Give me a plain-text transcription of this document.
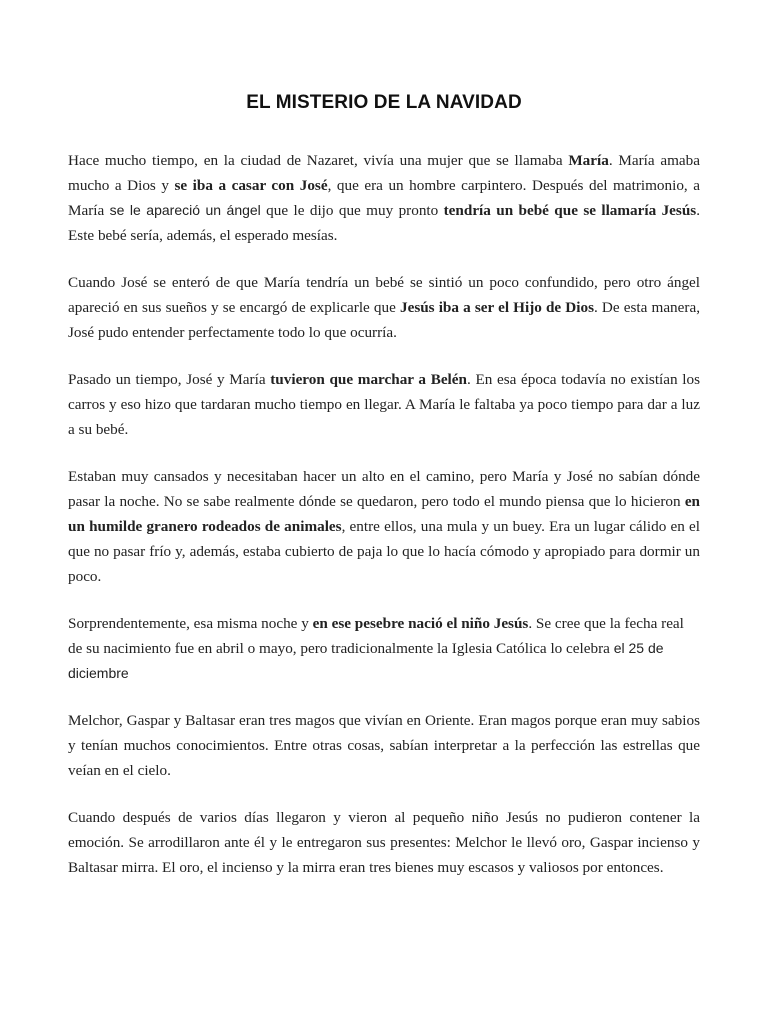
EL MISTERIO DE LA NAVIDAD

Hace mucho tiempo, en la ciudad de Nazaret, vivía una mujer que se llamaba María. María amaba mucho a Dios y se iba a casar con José, que era un hombre carpintero. Después del matrimonio, a María se le apareció un ángel que le dijo que muy pronto tendría un bebé que se llamaría Jesús. Este bebé sería, además, el esperado mesías.

Cuando José se enteró de que María tendría un bebé se sintió un poco confundido, pero otro ángel apareció en sus sueños y se encargó de explicarle que Jesús iba a ser el Hijo de Dios. De esta manera, José pudo entender perfectamente todo lo que ocurría.

Pasado un tiempo, José y María tuvieron que marchar a Belén. En esa época todavía no existían los carros y eso hizo que tardaran mucho tiempo en llegar. A María le faltaba ya poco tiempo para dar a luz a su bebé.

Estaban muy cansados y necesitaban hacer un alto en el camino, pero María y José no sabían dónde pasar la noche. No se sabe realmente dónde se quedaron, pero todo el mundo piensa que lo hicieron en un humilde granero rodeados de animales, entre ellos, una mula y un buey. Era un lugar cálido en el que no pasar frío y, además, estaba cubierto de paja lo que lo hacía cómodo y apropiado para dormir un poco.

Sorprendentemente, esa misma noche y en ese pesebre nació el niño Jesús. Se cree que la fecha real de su nacimiento fue en abril o mayo, pero tradicionalmente la Iglesia Católica lo celebra el 25 de diciembre

Melchor, Gaspar y Baltasar eran tres magos que vivían en Oriente. Eran magos porque eran muy sabios y tenían muchos conocimientos. Entre otras cosas, sabían interpretar a la perfección las estrellas que veían en el cielo.

Cuando después de varios días llegaron y vieron al pequeño niño Jesús no pudieron contener la emoción. Se arrodillaron ante él y le entregaron sus presentes: Melchor le llevó oro, Gaspar incienso y Baltasar mirra. El oro, el incienso y la mirra eran tres bienes muy escasos y valiosos por entonces.
